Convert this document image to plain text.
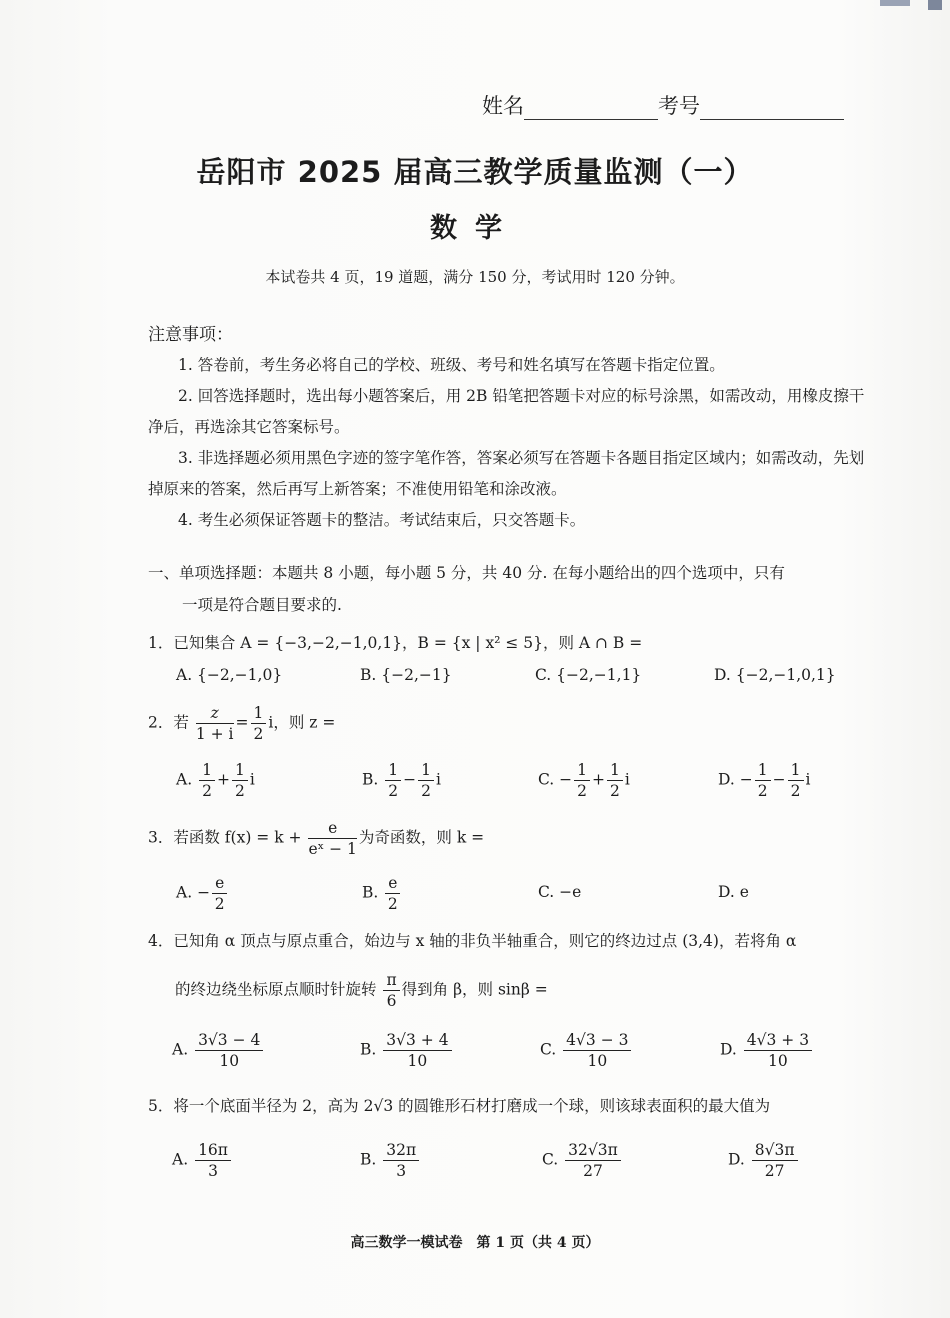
姓名	考号
岳阳市 2025 届高三教学质量监测（一）
数学
本试卷共 4 页，19 道题，满分 150 分，考试用时 120 分钟。
注意事项：
1. 答卷前，考生务必将自己的学校、班级、考号和姓名填写在答题卡指定位置。
2. 回答选择题时，选出每小题答案后，用 2B 铅笔把答题卡对应的标号涂黑，如需改动，用橡皮擦干净后，再选涂其它答案标号。
3. 非选择题必须用黑色字迹的签字笔作答，答案必须写在答题卡各题目指定区域内；如需改动，先划掉原来的答案，然后再写上新答案；不准使用铅笔和涂改液。
4. 考生必须保证答题卡的整洁。考试结束后，只交答题卡。
一、单项选择题：本题共 8 小题，每小题 5 分，共 40 分. 在每小题给出的四个选项中，只有
一项是符合题目要求的.
1．已知集合 A = {−3,−2,−1,0,1}，B = {x | x² ≤ 5}，则 A ∩ B =
A. {−2,−1,0}	B. {−2,−1}	C. {−2,−1,1}	D. {−2,−1,0,1}
2．若 $\frac{z}{1 + i} = \frac{1}{2}$ i，则 z =
3．若函数 $f(x) = k + \frac{e}{\text{eˣ − 1}}$ 为奇函数，则 k =
4．已知角 α 顶点与原点重合，始边与 x 轴的非负半轴重合，则它的终边过点 (3,4)，若将角 α
的终边绕坐标原点顺时针旋转 $\frac{\pi}{6}$ 得到角 β，则 sinβ =
5．将一个底面半径为 2，高为 2√3 的圆锥形石材打磨成一个球，则该球表面积的最大值为
高三数学一模试卷　第 1 页（共 4 页）
A. $\frac{1}{2} + \frac{1}{2}$ i	B. $\frac{1}{2} - \frac{1}{2}$ i	C. − $\frac{1}{2} + \frac{1}{2}$ i	D. − $\frac{1}{2} - \frac{1}{2}$ i
A. − $\frac{e}{2}$	B. $\frac{e}{2}$	C. −e	D. e
A. $\frac{3√3 - 4}{10}$	B. $\frac{3√3 + 4}{10}$	C. $\frac{4√3 - 3}{10}$	D. $\frac{4√3 + 3}{10}$
A. $\frac{16\pi}{3}$	B. $\frac{32\pi}{3}$	C. $\frac{32√3\pi}{27}$	D. $\frac{8√3\pi}{27}$
